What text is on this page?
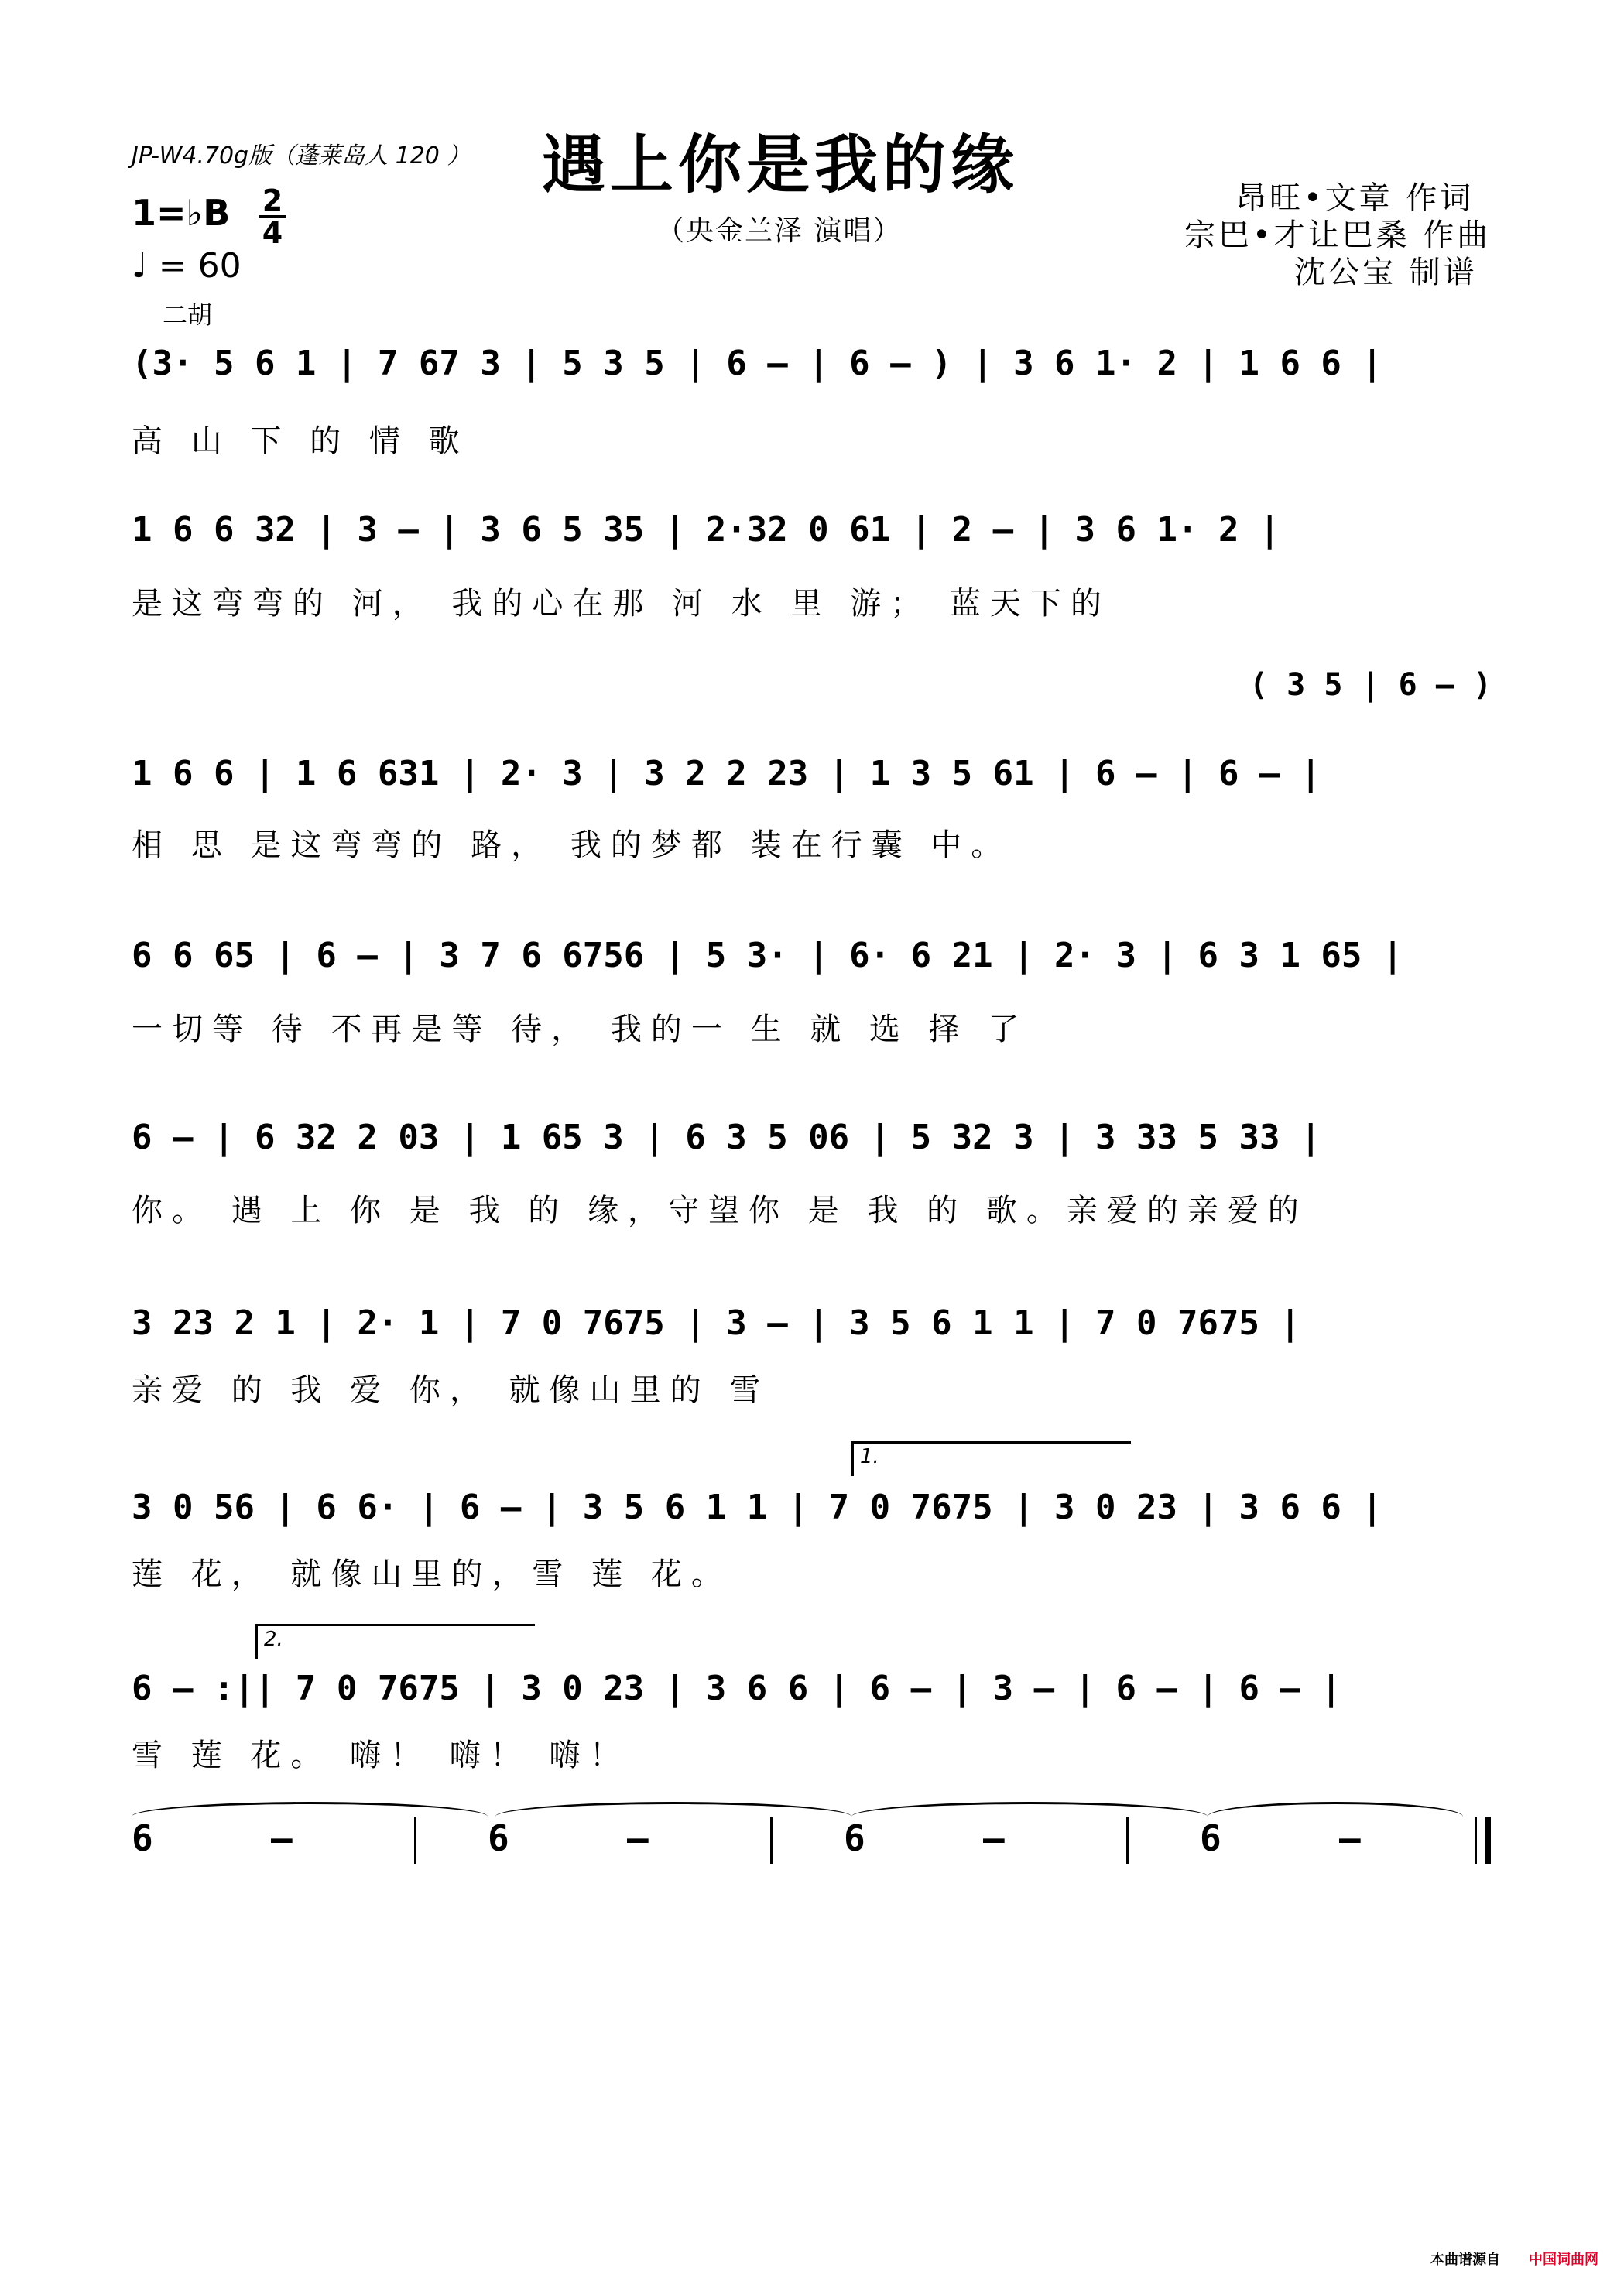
JP-W4.70g版（蓬莱岛人 120 ） 遇上你是我的缘
（央金兰泽 演唱）
昂旺•文章 作词
宗巴•才让巴桑 作曲
沈公宝 制谱
1=♭B 2
4
♩ = 60
二胡
(3· 5 6 1 | 7 67 3 | 5 3 5 | 6 – | 6 – ) | 3 6 1· 2 | 1 6 6 |
高 山 下 的 情 歌
1 6 6 32 | 3 – | 3 6 5 35 | 2·32 0 61 | 2 – | 3 6 1· 2 |
是这弯弯的 河， 我的心在那 河 水 里 游； 蓝天下的
( 3 5 | 6 – )
1 6 6 | 1 6 631 | 2· 3 | 3 2 2 23 | 1 3 5 61 | 6 – | 6 – |
相 思 是这弯弯的 路， 我的梦都 装在行囊 中。
6 6 65 | 6 – | 3 7 6 6756 | 5 3· | 6· 6 21 | 2· 3 | 6 3 1 65 |
一切等 待 不再是等 待， 我的一 生 就 选 择 了
6 – | 6 32 2 03 | 1 65 3 | 6 3 5 06 | 5 32 3 | 3 33 5 33 |
你。 遇 上 你 是 我 的 缘，守望你 是 我 的 歌。亲爱的亲爱的
3 23 2 1 | 2· 1 | 7 0 7675 | 3 – | 3 5 6 1 1 | 7 0 7675 |
亲爱 的 我 爱 你， 就像山里的 雪
1.
3 0 56 | 6 6· | 6 – | 3 5 6 1 1 | 7 0 7675 | 3 0 23 | 3 6 6 |
莲 花， 就像山里的，雪 莲 花。
2.
6 – :|| 7 0 7675 | 3 0 23 | 3 6 6 | 6 – | 3 – | 6 – | 6 – |
雪 莲 花。 嗨！ 嗨！ 嗨！
6	–	6	–	6	–	6	–
本曲谱源自 中国词曲网
